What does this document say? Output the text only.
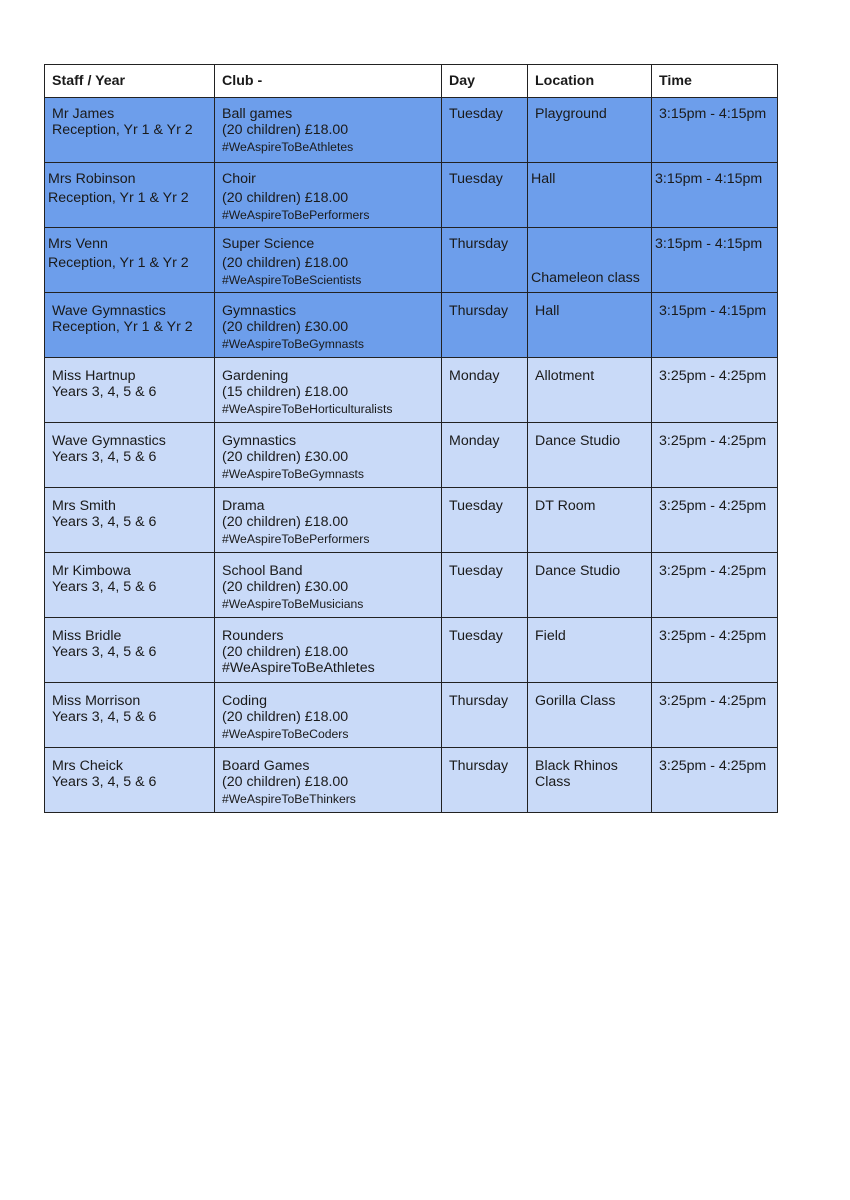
Staff / Year	Club -	Day	Location	Time

Mr James
Reception, Yr 1 & Yr 2	Ball games
(20 children) £18.00
#WeAspireToBeAthletes	Tuesday	Playground	3:15pm - 4:15pm

Mrs Robinson
Reception, Yr 1 & Yr 2	Choir
(20 children) £18.00
#WeAspireToBePerformers	Tuesday	Hall	3:15pm - 4:15pm

Mrs Venn
Reception, Yr 1 & Yr 2	Super Science
(20 children) £18.00
#WeAspireToBeScientists	Thursday	Chameleon class	3:15pm - 4:15pm

Wave Gymnastics
Reception, Yr 1 & Yr 2	Gymnastics
(20 children) £30.00
#WeAspireToBeGymnasts	Thursday	Hall	3:15pm - 4:15pm

Miss Hartnup
Years 3, 4, 5 & 6	Gardening
(15 children) £18.00
#WeAspireToBeHorticulturalists	Monday	Allotment	3:25pm - 4:25pm

Wave Gymnastics
Years 3, 4, 5 & 6	Gymnastics
(20 children) £30.00
#WeAspireToBeGymnasts	Monday	Dance Studio	3:25pm - 4:25pm

Mrs Smith
Years 3, 4, 5 & 6	Drama
(20 children) £18.00
#WeAspireToBePerformers	Tuesday	DT Room	3:25pm - 4:25pm

Mr Kimbowa
Years 3, 4, 5 & 6	School Band
(20 children) £30.00
#WeAspireToBeMusicians	Tuesday	Dance Studio	3:25pm - 4:25pm

Miss Bridle
Years 3, 4, 5 & 6	Rounders
(20 children) £18.00
#WeAspireToBeAthletes	Tuesday	Field	3:25pm - 4:25pm

Miss Morrison
Years 3, 4, 5 & 6	Coding
(20 children) £18.00
#WeAspireToBeCoders	Thursday	Gorilla Class	3:25pm - 4:25pm

Mrs Cheick
Years 3, 4, 5 & 6	Board Games
(20 children) £18.00
#WeAspireToBeThinkers	Thursday	Black Rhinos
Class	3:25pm - 4:25pm
